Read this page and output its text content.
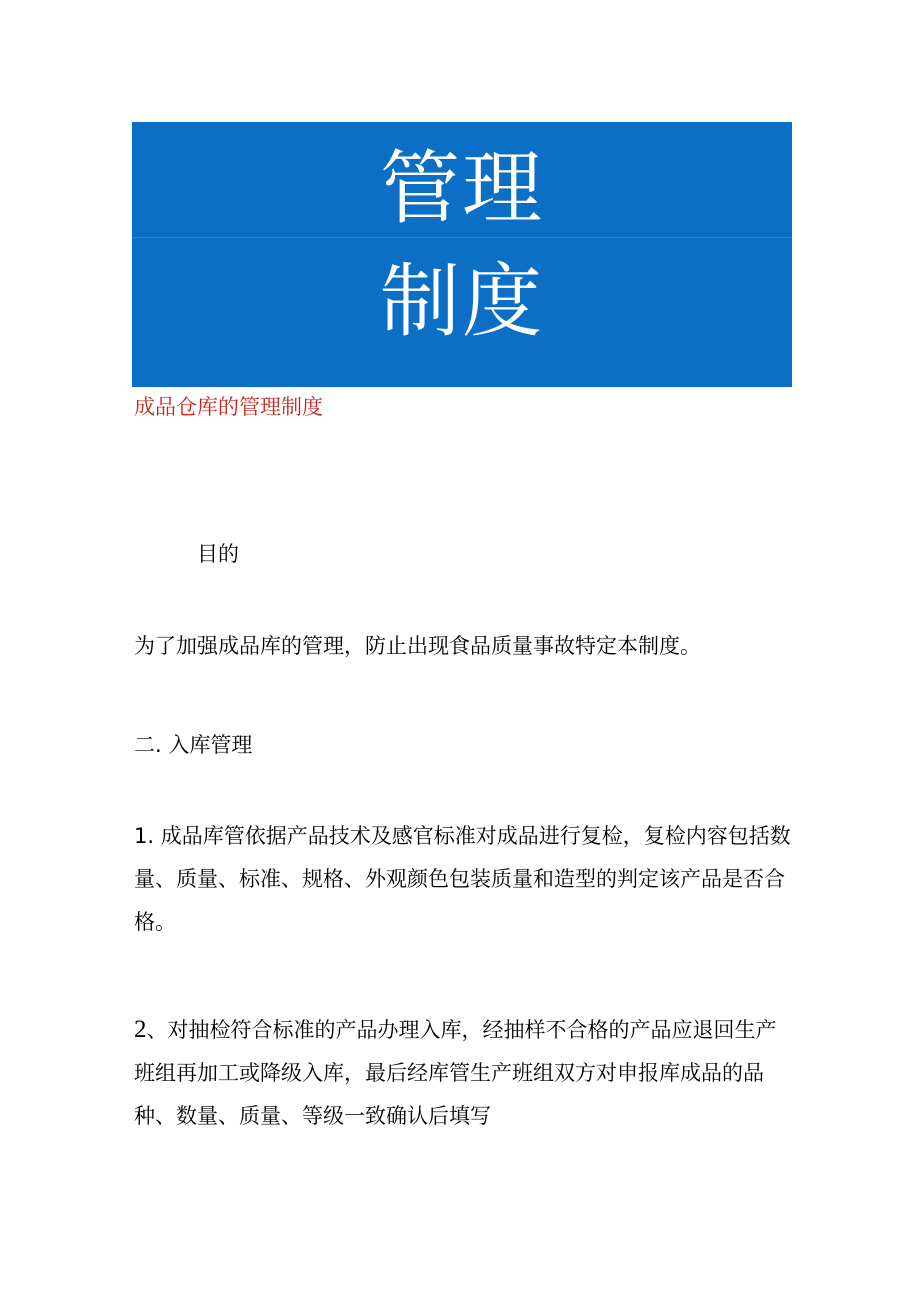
管理
制度
成品仓库的管理制度
目的
为了加强成品库的管理，防止出现食品质量事故特定本制度。
二. 入库管理
1. 成品库管依据产品技术及感官标准对成品进行复检，复检内容包括数量、质量、标准、规格、外观颜色包装质量和造型的判定该产品是否合格。
2、对抽检符合标准的产品办理入库，经抽样不合格的产品应退回生产班组再加工或降级入库，最后经库管生产班组双方对申报库成品的品种、数量、质量、等级一致确认后填写
